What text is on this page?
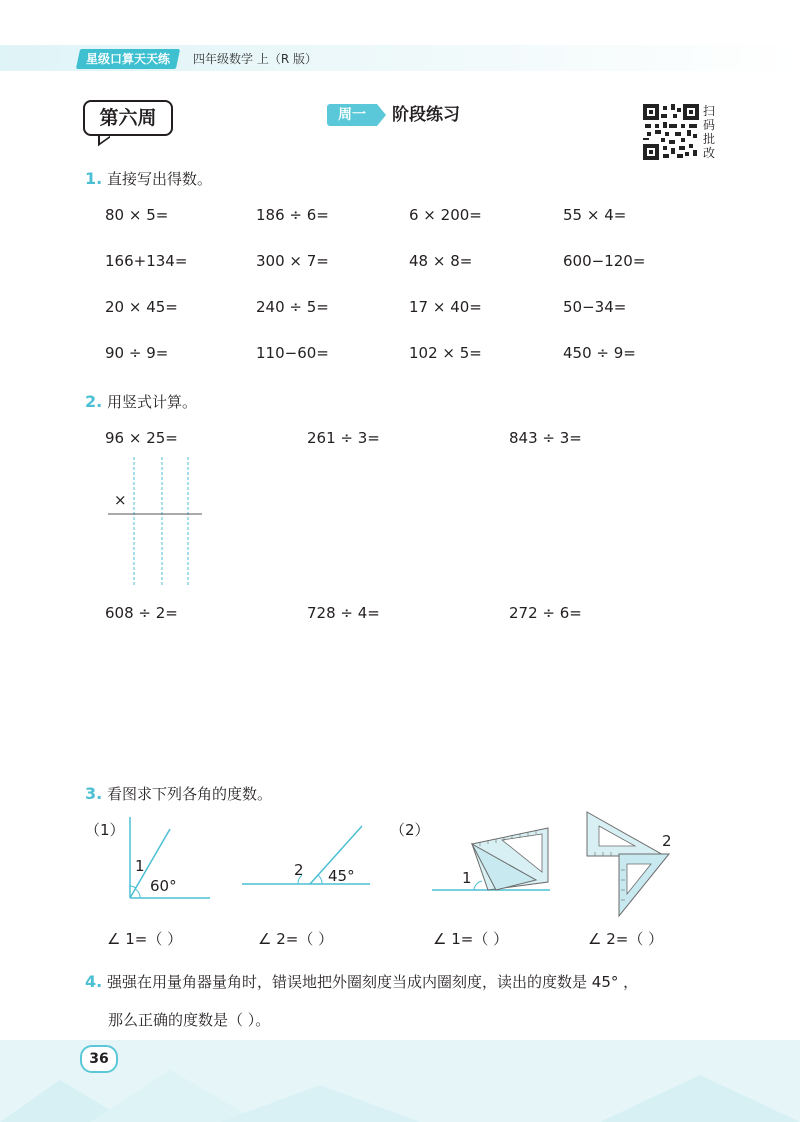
星级口算天天练	四年级数学 上（R 版）
第六周	周一	阶段练习	扫码批改
1. 直接写出得数。
80 × 5=	186 ÷ 6=	6 × 200=	55 × 4=
166+134=	300 × 7=	48 × 8=	600−120=
20 × 45=	240 ÷ 5=	17 × 40=	50−34=
90 ÷ 9=	110−60=	102 × 5=	450 ÷ 9=
2. 用竖式计算。
96 × 25=	261 ÷ 3=	843 ÷ 3=
×
608 ÷ 2=	728 ÷ 4=	272 ÷ 6=
3. 看图求下列各角的度数。
（1）	（2）
1
60°
2 45°	1
2
∠ 1=（ ）	∠ 2=（ ）	∠ 1=（ ）	∠ 2=（ ）
4. 强强在用量角器量角时，错误地把外圈刻度当成内圈刻度，读出的度数是 45° ，
那么正确的度数是（ ）。
36
